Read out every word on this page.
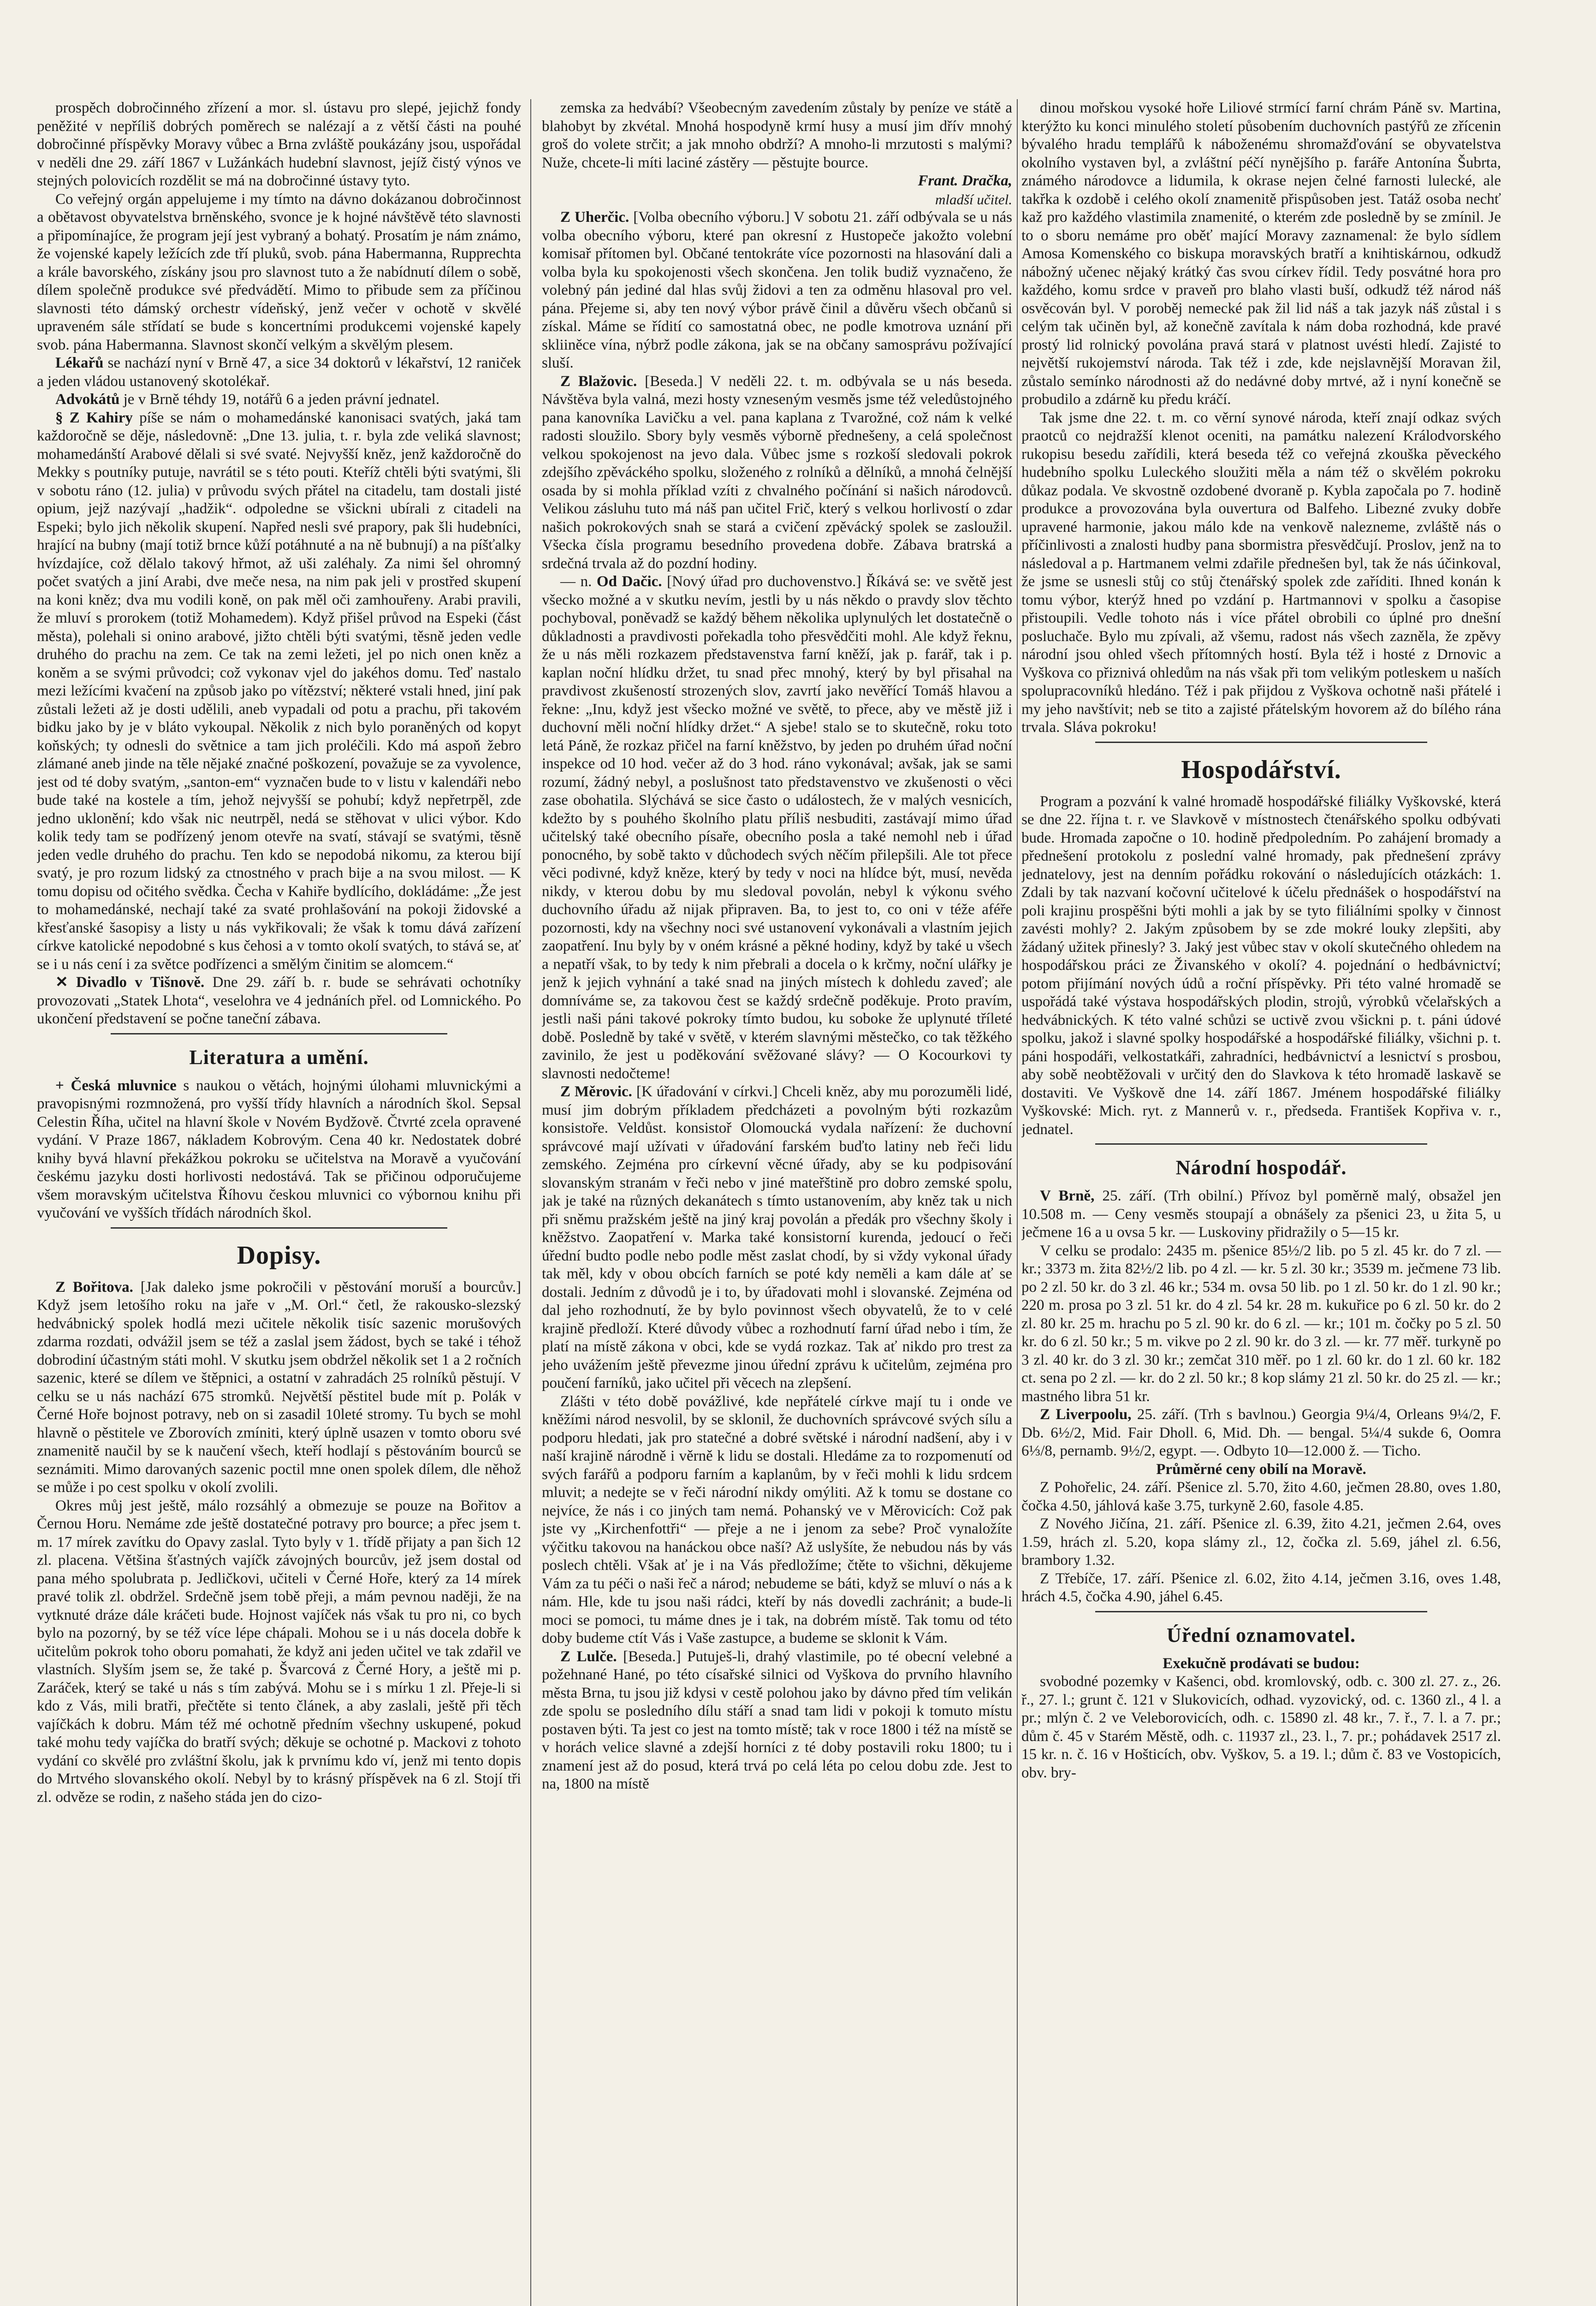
prospěch dobročinného zřízení a mor. sl. ústavu pro slepé, jejichž fondy peněžité v nepříliš dobrých poměrech se nalézají a z větší části na pouhé dobročinné příspěvky Moravy vůbec a Brna zvláště poukázány jsou, uspořádal v neděli dne 29. září 1867 v Lužánkách hudební slavnost, jejíž čistý výnos ve stejných polovicích rozdělit se má na dobročinné ústavy tyto.

Co veřejný orgán appelujeme i my tímto na dávno dokázanou dobročinnost a obětavost obyvatelstva brněnského, svonce je k hojné návštěvě této slavnosti a připomínajíce, že program její jest vybraný a bohatý. Prosatím je nám známo, že vojenské kapely ležících zde tří pluků, svob. pána Habermanna, Rupprechta a krále bavorského, získány jsou pro slavnost tuto a že nabídnutí dílem o sobě, dílem společně produkce své předvádětí. Mimo to přibude sem za příčinou slavnosti této dámský orchestr vídeňský, jenž večer v ochotě v skvělé upraveném sále střídatí se bude s koncertními produkcemi vojenské kapely svob. pána Habermanna. Slavnost skončí velkým a skvělým plesem.

Lékařů se nachází nyní v Brně 47, a sice 34 doktorů v lékařství, 12 raniček a jeden vládou ustanovený skotolékař.

Advokátů je v Brně téhdy 19, notářů 6 a jeden právní jednatel.

§ Z Kahiry píše se nám o mohamedánské kanonisaci svatých, jaká tam každoročně se děje, následovně: „Dne 13. julia, t. r. byla zde veliká slavnost; mohamedánští Arabové dělali si své svaté. Nejvyšší kněz, jenž každoročně do Mekky s poutníky putuje, navrátil se s této pouti. Kteříž chtěli býti svatými, šli v sobotu ráno (12. julia) v průvodu svých přátel na citadelu, tam dostali jisté opium, jejž nazývají „hadžik“. odpoledne se všickni ubírali z citadeli na Espeki; bylo jich několik skupení. Napřed nesli své prapory, pak šli hudebníci, hrající na bubny (mají totiž brnce kůží potáhnuté a na ně bubnují) a na píšťalky hvízdajíce, což dělalo takový hřmot, až uši zaléhaly. Za nimi šel ohromný počet svatých a jiní Arabi, dve meče nesa, na nim pak jeli v prostřed skupení na koni kněz; dva mu vodili koně, on pak měl oči zamhouřeny. Arabi pravili, že mluví s prorokem (totiž Mohamedem). Když přišel průvod na Espeki (část města), polehali si onino arabové, jižto chtěli býti svatými, těsně jeden vedle druhého do prachu na zem. Ce tak na zemi ležeti, jel po nich onen kněz a koněm a se svými průvodci; což vykonav vjel do jakéhos domu. Teď nastalo mezi ležícími kvačení na způsob jako po vítězství; některé vstali hned, jiní pak zůstali ležeti až je dosti udělili, aneb vypadali od potu a prachu, při takovém bidku jako by je v bláto vykoupal. Několik z nich bylo poraněných od kopyt koňských; ty odnesli do světnice a tam jich proléčili. Kdo má aspoň žebro zlámané aneb jinde na těle nějaké značné poškození, považuje se za vyvolence, jest od té doby svatým, „santon-em“ vyznačen bude to v listu v kalendáři nebo bude také na kostele a tím, jehož nejvyšší se pohubí; když nepřetrpěl, zde jedno uklonění; kdo však nic neutrpěl, nedá se stěhovat v ulici výbor. Kdo kolik tedy tam se podřízený jenom otevře na svatí, stávají se svatými, těsně jeden vedle druhého do prachu. Ten kdo se nepodobá nikomu, za kterou bijí svatý, je pro rozum lidský za ctnostného v prach bije a na svou milost. — K tomu dopisu od očitého svědka. Čecha v Kahiře bydlícího, dokládáme: „Že jest to mohamedánské, nechají také za svaté prohlašování na pokoji židovské a křesťanské šasopisy a listy u nás vykřikovali; že však k tomu dává zařízení církve katolické nepodobné s kus čehosi a v tomto okolí svatých, to stává se, ať se i u nás cení i za světce podřízenci a smělým činitim se alomcem.“

✕ Divadlo v Tišnově. Dne 29. září b. r. bude se sehrávati ochotníky provozovati „Statek Lhota“, veselohra ve 4 jednáních přel. od Lomnického. Po ukončení představení se počne taneční zábava.

Literatura a umění.

+ Česká mluvnice s naukou o větách, hojnými úlohami mluvnickými a pravopisnými rozmnožená, pro vyšší třídy hlavních a národních škol. Sepsal Celestin Říha, učitel na hlavní škole v Novém Bydžově. Čtvrté zcela opravené vydání. V Praze 1867, nákladem Kobrovým. Cena 40 kr. Nedostatek dobré knihy byvá hlavní překážkou pokroku se učitelstva na Moravě a vyučování českému jazyku dosti horlivosti nedostává. Tak se přičinou odporučujeme všem moravským učitelstva Říhovu českou mluvnici co výbornou knihu při vyučování ve vyšších třídách národních škol.

Dopisy.

Z Bořitova. [Jak daleko jsme pokročili v pěstování moruší a bourcův.] Když jsem letošího roku na jaře v „M. Orl.“ četl, že rakousko-slezský hedvábnický spolek hodlá mezi učitele několik tisíc sazenic morušových zdarma rozdati, odvážil jsem se též a zaslal jsem žádost, bych se také i téhož dobrodiní účastným státi mohl. V skutku jsem obdržel několik set 1 a 2 ročních sazenic, které se dílem ve štěpnici, a ostatní v zahradách 25 rolníků pěstují. V celku se u nás nachází 675 stromků. Největší pěstitel bude mít p. Polák v Černé Hoře bojnost potravy, neb on si zasadil 10leté stromy. Tu bych se mohl hlavně o pěstitele ve Zborovích zmíniti, který úplně usazen v tomto oboru své znamenitě naučil by se k naučení všech, kteří hodlají s pěstováním bourců se seznámiti. Mimo darovaných sazenic poctil mne onen spolek dílem, dle něhož se může i po cest spolku v okolí zvolili.

Okres můj jest ještě, málo rozsáhlý a obmezuje se pouze na Bořitov a Černou Horu. Nemáme zde ještě dostatečné potravy pro bource; a přec jsem t. m. 17 mírek zavítku do Opavy zaslal. Tyto byly v 1. třídě přijaty a pan šich 12 zl. placena. Většina šťastných vajíčk závojných bourcův, jež jsem dostal od pana mého spolubrata p. Jedličkovi, učiteli v Černé Hoře, který za 14 mírek pravé tolik zl. obdržel. Srdečně jsem tobě přeji, a mám pevnou naději, že na vytknuté dráze dále kráčeti bude. Hojnost vajíček nás však tu pro ni, co bych bylo na pozorný, by se též více lépe chápali. Mohou se i u nás docela dobře k učitelům pokrok toho oboru pomahati, že když ani jeden učitel ve tak zdařil ve vlastních. Slyším jsem se, že také p. Švarcová z Černé Hory, a ještě mi p. Zaráček, který se také u nás s tím zabývá. Mohu se i s mírku 1 zl. Přeje-li si kdo z Vás, mili bratři, přečtěte si tento článek, a aby zaslali, ještě při těch vajíčkách k dobru. Mám též mé ochotně předním všechny uskupené, pokud také mohu tedy vajíčka do bratří svých; děkuje se ochotné p. Mackovi z tohoto vydání co skvělé pro zvláštní školu, jak k prvnímu kdo ví, jenž mi tento dopis do Mrtvého slovanského okolí. Nebyl by to krásný příspěvek na 6 zl. Stojí tři zl. odvěze se rodin, z našeho stáda jen do cizo-

zemska za hedvábí? Všeobecným zavedením zůstaly by peníze ve státě a blahobyt by zkvétal. Mnohá hospodyně krmí husy a musí jim dřív mnohý groš do volete strčit; a jak mnoho obdrží? A mnoho-li mrzutosti s malými? Nuže, chcete-li míti laciné zástěry — pěstujte bource.

Frant. Dračka,

mladší učitel.

Z Uherčic. [Volba obecního výboru.] V sobotu 21. září odbývala se u nás volba obecního výboru, které pan okresní z Hustopeče jakožto volební komisař přítomen byl. Občané tentokráte více pozornosti na hlasování dali a volba byla ku spokojenosti všech skončena. Jen tolik budiž vyznačeno, že volebný pán jediné dal hlas svůj židovi a ten za odměnu hlasoval pro vel. pána. Přejeme si, aby ten nový výbor právě činil a důvěru všech občanů si získal. Máme se řídití co samostatná obec, ne podle kmotrova uznání při skliiněce vína, nýbrž podle zákona, jak se na občany samosprávu požívající sluší.

Z Blažovic. [Beseda.] V neděli 22. t. m. odbývala se u nás beseda. Návštěva byla valná, mezi hosty vzneseným vesměs jsme též veledůstojného pana kanovníka Lavičku a vel. pana kaplana z Tvarožné, což nám k velké radosti sloužilo. Sbory byly vesměs výborně přednešeny, a celá společnost velkou spokojenost na jevo dala. Vůbec jsme s rozkoší sledovali pokrok zdejšího zpěváckého spolku, složeného z rolníků a dělníků, a mnohá čelnější osada by si mohla příklad vzíti z chvalného počínání si našich národovců. Velikou zásluhu tuto má náš pan učitel Frič, který s velkou horlivostí o zdar našich pokrokových snah se stará a cvičení zpěvácký spolek se zasloužil. Všecka čísla programu besedního provedena dobře. Zábava bratrská a srdečná trvala až do pozdní hodiny.

— n. Od Dačic. [Nový úřad pro duchovenstvo.] Říkává se: ve světě jest všecko možné a v skutku nevím, jestli by u nás někdo o pravdy slov těchto pochyboval, poněvadž se každý během několika uplynulých let dostatečně o důkladnosti a pravdivosti pořekadla toho přesvědčiti mohl. Ale když řeknu, že u nás měli rozkazem představenstva farní kněží, jak p. farář, tak i p. kaplan noční hlídku držet, tu snad přec mnohý, který by byl přisahal na pravdivost zkušeností strozených slov, zavrtí jako nevěřící Tomáš hlavou a řekne: „Inu, když jest všecko možné ve světě, to přece, aby ve městě již i duchovní měli noční hlídky držet.“ A sjebe! stalo se to skutečně, roku toto letá Páně, že rozkaz přičel na farní kněžstvo, by jeden po druhém úřad noční inspekce od 10 hod. večer až do 3 hod. ráno vykonával; avšak, jak se sami rozumí, žádný nebyl, a poslušnost tato představenstvo ve zkušenosti o věci zase obohatila. Slýchává se sice často o událostech, že v malých vesnicích, kdežto by s pouhého školního platu příliš nesbuditi, zastávají mimo úřad učitelský také obecního písaře, obecního posla a také nemohl neb i úřad ponocného, by sobě takto v důchodech svých něčím přilepšili. Ale tot přece věci podivné, když kněze, který by tedy v noci na hlídce být, musí, nevěda nikdy, v kterou dobu by mu sledoval povolán, nebyl k výkonu svého duchovního úřadu až nijak připraven. Ba, to jest to, co oni v téže aféře pozornosti, kdy na všechny noci své ustanovení vykonávali a vlastním jejich zaopatření. Inu byly by v oném krásné a pěkné hodiny, když by také u všech a nepatří však, to by tedy k nim přebrali a docela o k krčmy, noční ulářky je jenž k jejich vyhnání a také snad na jiných místech k dohledu zaveď; ale domníváme se, za takovou čest se každý srdečně poděkuje. Proto pravím, jestli naši páni takové pokroky tímto budou, ku soboke že uplynuté tříleté době. Posledně by také v světě, v kterém slavnými městečko, co tak těžkého zavinilo, že jest u poděkování svěžované slávy? — O Kocourkovi ty slavnosti nedočteme!

Z Měrovic. [K úřadování v církvi.] Chceli kněz, aby mu porozuměli lidé, musí jim dobrým příkladem předcházeti a povolným býti rozkazům konsistoře. Veldůst. konsistoř Olomoucká vydala nařízení: že duchovní správcové mají užívati v úřadování farském buďto latiny neb řeči lidu zemského. Zejména pro církevní věcné úřady, aby se ku podpisování slovanským stranám v řeči nebo v jiné mateřštině pro dobro zemské spolu, jak je také na různých dekanátech s tímto ustanovením, aby kněz tak u nich při sněmu pražském ještě na jiný kraj povolán a předák pro všechny školy i kněžstvo. Zaopatření v. Marka také konsistorní kurenda, jedoucí o řeči úřední budto podle nebo podle měst zaslat chodí, by si vždy vykonal úřady tak měl, kdy v obou obcích farních se poté kdy neměli a kam dále ať se dostali. Jedním z důvodů je i to, by úřadovati mohl i slovanské. Zejména od dal jeho rozhodnutí, že by bylo povinnost všech obyvatelů, že to v celé krajině předloží. Které důvody vůbec a rozhodnutí farní úřad nebo i tím, že platí na místě zákona v obci, kde se vydá rozkaz. Tak ať nikdo pro trest za jeho uvážením ještě převezme jinou úřední zprávu k učitelům, zejména pro poučení farníků, jako učitel při věcech na zlepšení.

Zlášti v této době povážlivé, kde nepřátelé církve mají tu i onde ve kněžími národ nesvolil, by se sklonil, že duchovních správcové svých sílu a podporu hledati, jak pro statečné a dobré světské i národní nadšení, aby i v naší krajině národně i věrně k lidu se dostali. Hledáme za to rozpomenutí od svých farářů a podporu farním a kaplanům, by v řeči mohli k lidu srdcem mluvit; a nedejte se v řeči národní nikdy omýliti. Až k tomu se dostane co nejvíce, že nás i co jiných tam nemá. Pohanský ve v Měrovicích: Což pak jste vy „Kirchenfottři“ — přeje a ne i jenom za sebe? Proč vynaložíte výčitku takovou na hanáckou obce naší? Až uslyšíte, že nebudou nás by vás poslech chtěli. Však ať je i na Vás předložíme; čtěte to všichni, děkujeme Vám za tu péči o naši řeč a národ; nebudeme se báti, když se mluví o nás a k nám. Hle, kde tu jsou naši rádci, kteří by nás dovedli zachránit; a bude-li moci se pomoci, tu máme dnes je i tak, na dobrém místě. Tak tomu od této doby budeme ctít Vás i Vaše zastupce, a budeme se sklonit k Vám.

Z Lulče. [Beseda.] Putuješ-li, drahý vlastimile, po té obecní velebné a požehnané Hané, po této císařské silnici od Vyškova do prvního hlavního města Brna, tu jsou již kdysi v cestě polohou jako by dávno před tím velikán zde spolu se posledního dílu stáří a snad tam lidi v pokoji k tomuto místu postaven býti. Ta jest co jest na tomto místě; tak v roce 1800 i též na místě se v horách velice slavné a zdejší horníci z té doby postavili roku 1800; tu i znamení jest až do posud, která trvá po celá léta po celou dobu zde. Jest to na, 1800 na místě

dinou mořskou vysoké hoře Liliové strmící farní chrám Páně sv. Martina, kterýžto ku konci minulého století působením duchovních pastýřů ze zřícenin bývalého hradu templářů k náboženému shromažďování se obyvatelstva okolního vystaven byl, a zvláštní péčí nynějšího p. faráře Antonína Šubrta, známého národovce a lidumila, k okrase nejen čelné farnosti lulecké, ale takřka k ozdobě i celého okolí znamenitě přispůsoben jest. Tatáž osoba nechť kaž pro každého vlastimila znamenité, o kterém zde posledně by se zmínil. Je to o sboru nemáme pro oběť mající Moravy zaznamenal: že bylo sídlem Amosa Komenského co biskupa moravských bratří a knihtiskárnou, odkudž nábožný učenec nějaký krátký čas svou církev řídil. Tedy posvátné hora pro každého, komu srdce v praveň pro blaho vlasti buší, odkudž též národ náš osvěcován byl. V poroběj nemecké pak žil lid náš a tak jazyk náš zůstal i s celým tak učiněn byl, až konečně zavítala k nám doba rozhodná, kde pravé prostý lid rolnický povolána pravá stará v platnost uvésti hledí. Zajisté to největší rukojemství národa. Tak též i zde, kde nejslavnější Moravan žil, zůstalo semínko národnosti až do nedávné doby mrtvé, až i nyní konečně se probudilo a zdárně ku předu kráčí.

Tak jsme dne 22. t. m. co věrní synové národa, kteří znají odkaz svých praotců co nejdražší klenot oceniti, na památku nalezení Králodvorského rukopisu besedu zařídili, která beseda též co veřejná zkouška pěveckého hudebního spolku Luleckého sloužiti měla a nám též o skvělém pokroku důkaz podala. Ve skvostně ozdobené dvoraně p. Kybla započala po 7. hodině produkce a provozována byla ouvertura od Balfeho. Libezné zvuky dobře upravené harmonie, jakou málo kde na venkově nalezneme, zvláště nás o příčinlivosti a znalosti hudby pana sbormistra přesvědčují. Proslov, jenž na to následoval a p. Hartmanem velmi zdařile přednešen byl, tak že nás účinkoval, že jsme se usnesli stůj co stůj čtenářský spolek zde zaříditi. Ihned konán k tomu výbor, kterýž hned po vzdání p. Hartmannovi v spolku a časopise přistoupili. Vedle tohoto nás i více přátel obrobili co úplné pro dnešní posluchače. Bylo mu zpívali, až všemu, radost nás všech zazněla, že zpěvy národní jsou ohled všech přítomných hostí. Byla též i hosté z Drnovic a Vyškova co přiznivá ohledům na nás však při tom velikým potleskem u naších spolupracovníků hledáno. Též i pak přijdou z Vyškova ochotně naši přátelé i my jeho navštívit; neb se tito a zajisté přátelským hovorem až do bílého rána trvala. Sláva pokroku!

Hospodářství.

Program a pozvání k valné hromadě hospodářské filiálky Vyškovské, která se dne 22. října t. r. ve Slavkově v místnostech čtenářského spolku odbývati bude. Hromada započne o 10. hodině předpoledním. Po zahájení bromady a přednešení protokolu z poslední valné hromady, pak přednešení zprávy jednatelovy, jest na denním pořádku rokování o následujících otázkách: 1. Zdali by tak nazvaní kočovní učitelové k účelu přednášek o hospodářství na poli krajinu prospěšni býti mohli a jak by se tyto filiálními spolky v činnost zavésti mohly? 2. Jakým způsobem by se zde mokré louky zlepšiti, aby žádaný užitek přinesly? 3. Jaký jest vůbec stav v okolí skutečného ohledem na hospodářskou práci ze Živanského v okolí? 4. pojednání o hedbávnictví; potom přijímání nových údů a roční příspěvky. Při této valné hromadě se uspořádá také výstava hospodářských plodin, strojů, výrobků včelařských a hedvábnických. K této valné schůzi se uctivě zvou všickni p. t. páni údové spolku, jakož i slavné spolky hospodářské a hospodářské filiálky, všichni p. t. páni hospodáři, velkostatkáři, zahradníci, hedbávnictví a lesnictví s prosbou, aby sobě neobtěžovali v určitý den do Slavkova k této hromadě laskavě se dostaviti. Ve Vyškově dne 14. září 1867. Jménem hospodářské filiálky Vyškovské: Mich. ryt. z Mannerů v. r., předseda. František Kopřiva v. r., jednatel.

Národní hospodář.

V Brně, 25. září. (Trh obilní.) Přívoz byl poměrně malý, obsažel jen 10.508 m. — Ceny vesměs stoupají a obnášely za pšenici 23, u žita 5, u ječmene 16 a u ovsa 5 kr. — Luskoviny přidražily o 5—15 kr.

V celku se prodalo: 2435 m. pšenice 85½/2 lib. po 5 zl. 45 kr. do 7 zl. — kr.; 3373 m. žita 82½/2 lib. po 4 zl. — kr. 5 zl. 30 kr.; 3539 m. ječmene 73 lib. po 2 zl. 50 kr. do 3 zl. 46 kr.; 534 m. ovsa 50 lib. po 1 zl. 50 kr. do 1 zl. 90 kr.; 220 m. prosa po 3 zl. 51 kr. do 4 zl. 54 kr. 28 m. kukuřice po 6 zl. 50 kr. do 2 zl. 80 kr. 25 m. hrachu po 5 zl. 90 kr. do 6 zl. — kr.; 101 m. čočky po 5 zl. 50 kr. do 6 zl. 50 kr.; 5 m. vikve po 2 zl. 90 kr. do 3 zl. — kr. 77 měř. turkyně po 3 zl. 40 kr. do 3 zl. 30 kr.; zemčat 310 měř. po 1 zl. 60 kr. do 1 zl. 60 kr. 182 ct. sena po 2 zl. — kr. do 2 zl. 50 kr.; 8 kop slámy 21 zl. 50 kr. do 25 zl. — kr.; mastného libra 51 kr.

Z Liverpoolu, 25. září. (Trh s bavlnou.) Georgia 9¼/4, Orleans 9¼/2, F. Db. 6½/2, Mid. Fair Dholl. 6, Mid. Dh. — bengal. 5¼/4 sukde 6, Oomra 6⅓/8, pernamb. 9½/2, egypt. —. Odbyto 10—12.000 ž. — Ticho.

Průměrné ceny obilí na Moravě.

Z Pohořelic, 24. září. Pšenice zl. 5.70, žito 4.60, ječmen 28.80, oves 1.80, čočka 4.50, jáhlová kaše 3.75, turkyně 2.60, fasole 4.85.

Z Nového Jičína, 21. září. Pšenice zl. 6.39, žito 4.21, ječmen 2.64, oves 1.59, hrách zl. 5.20, kopa slámy zl., 12, čočka zl. 5.69, jáhel zl. 6.56, brambory 1.32.

Z Třebíče, 17. září. Pšenice zl. 6.02, žito 4.14, ječmen 3.16, oves 1.48, hrách 4.5, čočka 4.90, jáhel 6.45.

Úřední oznamovatel.

Exekučně prodávati se budou:

svobodné pozemky v Kašenci, obd. kromlovský, odb. c. 300 zl. 27. z., 26. ř., 27. l.; grunt č. 121 v Slukovicích, odhad. vyzovický, od. c. 1360 zl., 4 l. a pr.; mlýn č. 2 ve Veleborovicích, odh. c. 15890 zl. 48 kr., 7. ř., 7. l. a 7. pr.; dům č. 45 v Starém Městě, odh. c. 11937 zl., 23. l., 7. pr.; pohádavek 2517 zl. 15 kr. n. č. 16 v Hošticích, obv. Vyškov, 5. a 19. l.; dům č. 83 ve Vostopicích, obv. bry-
